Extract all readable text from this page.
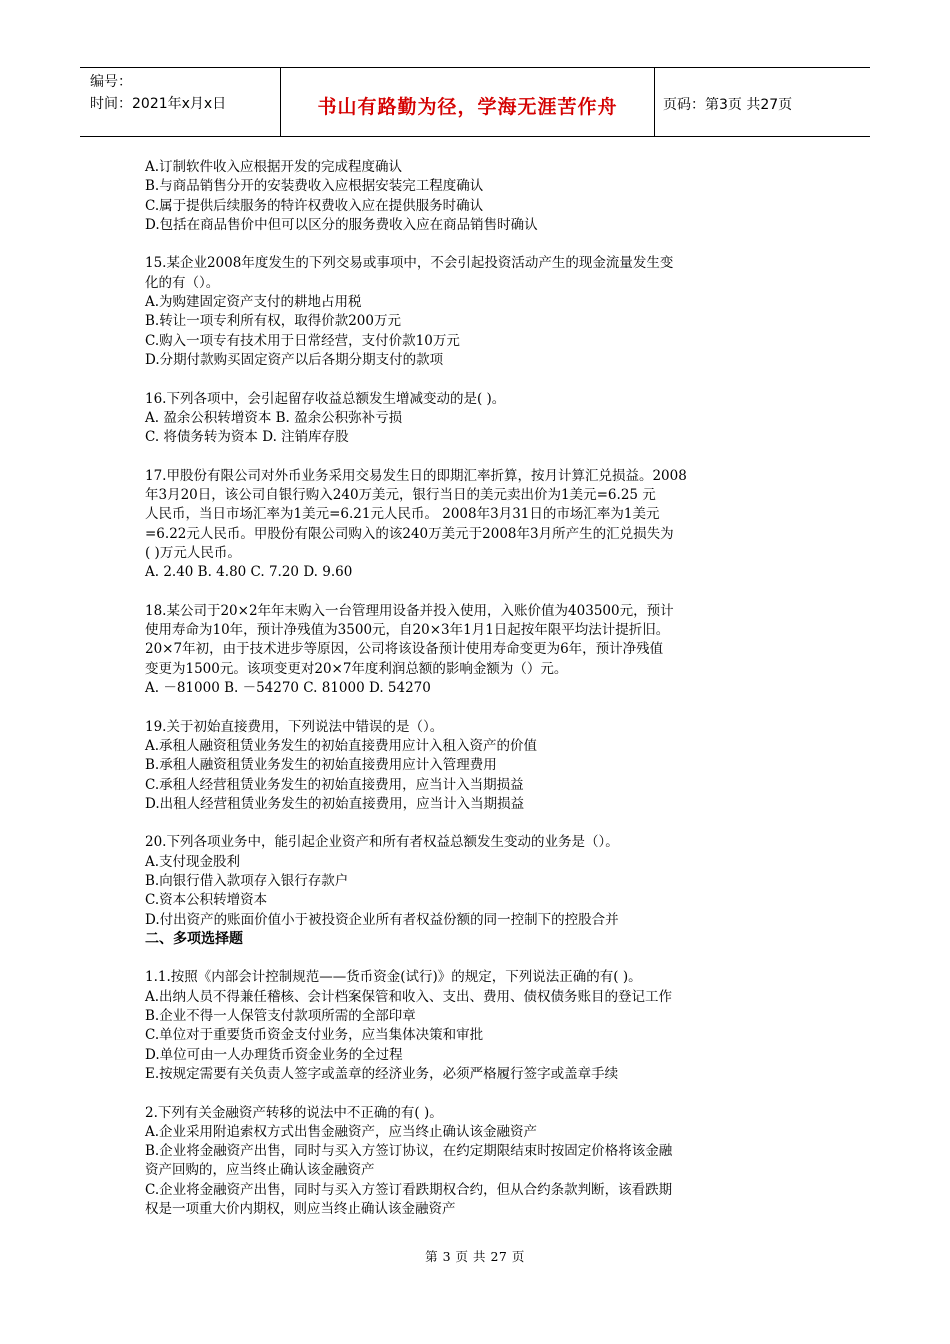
编号：
时间：2021年x月x日	书山有路勤为径，学海无涯苦作舟	页码：第3页 共27页
A.订制软件收入应根据开发的完成程度确认
B.与商品销售分开的安装费收入应根据安装完工程度确认
C.属于提供后续服务的特许权费收入应在提供服务时确认
D.包括在商品售价中但可以区分的服务费收入应在商品销售时确认
15.某企业2008年度发生的下列交易或事项中，不会引起投资活动产生的现金流量发生变
化的有（）。
A.为购建固定资产支付的耕地占用税
B.转让一项专利所有权，取得价款200万元
C.购入一项专有技术用于日常经营，支付价款10万元
D.分期付款购买固定资产以后各期分期支付的款项
16.下列各项中，会引起留存收益总额发生增减变动的是( )。
A. 盈余公积转增资本 B. 盈余公积弥补亏损
C. 将债务转为资本 D. 注销库存股
17.甲股份有限公司对外币业务采用交易发生日的即期汇率折算，按月计算汇兑损益。2008
年3月20日，该公司自银行购入240万美元，银行当日的美元卖出价为1美元=6.25 元
人民币，当日市场汇率为1美元=6.21元人民币。 2008年3月31日的市场汇率为1美元
=6.22元人民币。甲股份有限公司购入的该240万美元于2008年3月所产生的汇兑损失为
( )万元人民币。
A. 2.40 B. 4.80 C. 7.20 D. 9.60
18.某公司于20×2年年末购入一台管理用设备并投入使用，入账价值为403500元，预计
使用寿命为10年，预计净残值为3500元，自20×3年1月1日起按年限平均法计提折旧。
20×7年初，由于技术进步等原因，公司将该设备预计使用寿命变更为6年，预计净残值
变更为1500元。该项变更对20×7年度利润总额的影响金额为（）元。
A. －81000 B. －54270 C. 81000 D. 54270
19.关于初始直接费用，下列说法中错误的是（）。
A.承租人融资租赁业务发生的初始直接费用应计入租入资产的价值
B.承租人融资租赁业务发生的初始直接费用应计入管理费用
C.承租人经营租赁业务发生的初始直接费用，应当计入当期损益
D.出租人经营租赁业务发生的初始直接费用，应当计入当期损益
20.下列各项业务中，能引起企业资产和所有者权益总额发生变动的业务是（）。
A.支付现金股利
B.向银行借入款项存入银行存款户
C.资本公积转增资本
D.付出资产的账面价值小于被投资企业所有者权益份额的同一控制下的控股合并
二、多项选择题
1.1.按照《内部会计控制规范——货币资金(试行)》的规定，下列说法正确的有( )。
A.出纳人员不得兼任稽核、会计档案保管和收入、支出、费用、债权债务账目的登记工作
B.企业不得一人保管支付款项所需的全部印章
C.单位对于重要货币资金支付业务，应当集体决策和审批
D.单位可由一人办理货币资金业务的全过程
E.按规定需要有关负责人签字或盖章的经济业务，必须严格履行签字或盖章手续
2.下列有关金融资产转移的说法中不正确的有( )。
A.企业采用附追索权方式出售金融资产，应当终止确认该金融资产
B.企业将金融资产出售，同时与买入方签订协议，在约定期限结束时按固定价格将该金融
资产回购的，应当终止确认该金融资产
C.企业将金融资产出售，同时与买入方签订看跌期权合约，但从合约条款判断，该看跌期
权是一项重大价内期权，则应当终止确认该金融资产
第 3 页 共 27 页
